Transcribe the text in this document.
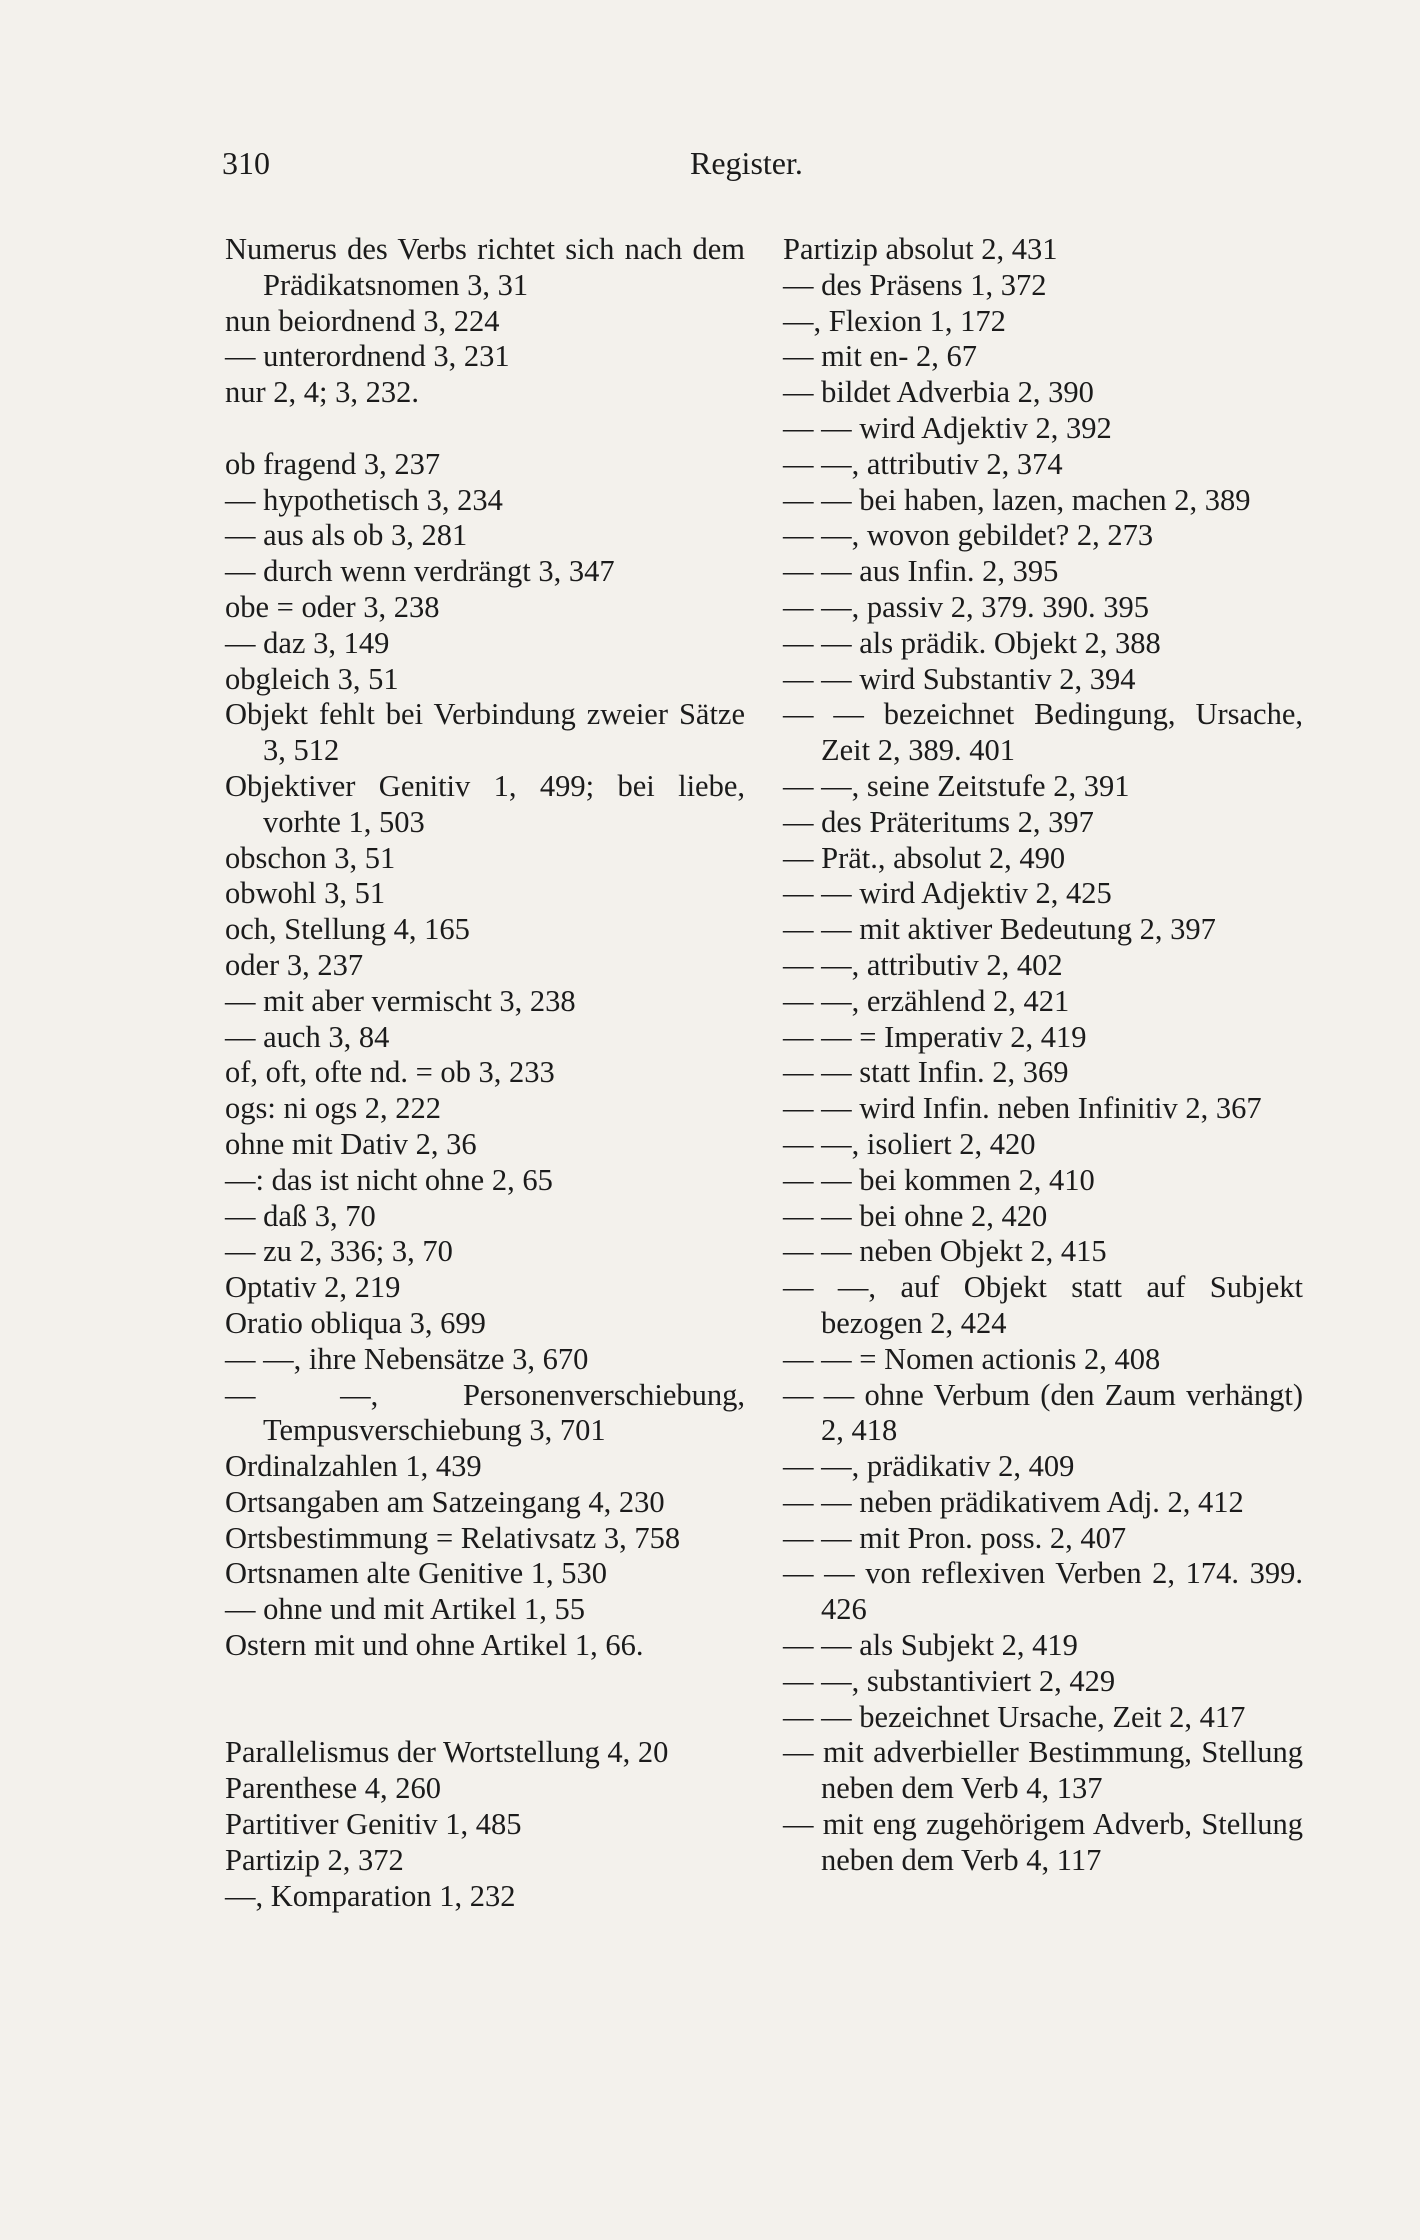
310	Register.
Numerus des Verbs richtet sich nach dem Prädikatsnomen 3, 31
nun beiordnend 3, 224
— unterordnend 3, 231
nur 2, 4; 3, 232.
ob fragend 3, 237
— hypothetisch 3, 234
— aus als ob 3, 281
— durch wenn verdrängt 3, 347
obe = oder 3, 238
— daz 3, 149
obgleich 3, 51
Objekt fehlt bei Verbindung zweier Sätze 3, 512
Objektiver Genitiv 1, 499; bei liebe, vorhte 1, 503
obschon 3, 51
obwohl 3, 51
och, Stellung 4, 165
oder 3, 237
— mit aber vermischt 3, 238
— auch 3, 84
of, oft, ofte nd. = ob 3, 233
ogs: ni ogs 2, 222
ohne mit Dativ 2, 36
—: das ist nicht ohne 2, 65
— daß 3, 70
— zu 2, 336; 3, 70
Optativ 2, 219
Oratio obliqua 3, 699
— —, ihre Nebensätze 3, 670
— —, Personenverschiebung, Tempusverschiebung 3, 701
Ordinalzahlen 1, 439
Ortsangaben am Satzeingang 4, 230
Ortsbestimmung = Relativsatz 3, 758
Ortsnamen alte Genitive 1, 530
— ohne und mit Artikel 1, 55
Ostern mit und ohne Artikel 1, 66.
Parallelismus der Wortstellung 4, 20
Parenthese 4, 260
Partitiver Genitiv 1, 485
Partizip 2, 372
—, Komparation 1, 232
Partizip absolut 2, 431
— des Präsens 1, 372
—, Flexion 1, 172
— mit en- 2, 67
— bildet Adverbia 2, 390
— — wird Adjektiv 2, 392
— —, attributiv 2, 374
— — bei haben, lazen, machen 2, 389
— —, wovon gebildet? 2, 273
— — aus Infin. 2, 395
— —, passiv 2, 379. 390. 395
— — als prädik. Objekt 2, 388
— — wird Substantiv 2, 394
— — bezeichnet Bedingung, Ursache, Zeit 2, 389. 401
— —, seine Zeitstufe 2, 391
— des Präteritums 2, 397
— Prät., absolut 2, 490
— — wird Adjektiv 2, 425
— — mit aktiver Bedeutung 2, 397
— —, attributiv 2, 402
— —, erzählend 2, 421
— — = Imperativ 2, 419
— — statt Infin. 2, 369
— — wird Infin. neben Infinitiv 2, 367
— —, isoliert 2, 420
— — bei kommen 2, 410
— — bei ohne 2, 420
— — neben Objekt 2, 415
— —, auf Objekt statt auf Subjekt bezogen 2, 424
— — = Nomen actionis 2, 408
— — ohne Verbum (den Zaum verhängt) 2, 418
— —, prädikativ 2, 409
— — neben prädikativem Adj. 2, 412
— — mit Pron. poss. 2, 407
— — von reflexiven Verben 2, 174. 399. 426
— — als Subjekt 2, 419
— —, substantiviert 2, 429
— — bezeichnet Ursache, Zeit 2, 417
— mit adverbieller Bestimmung, Stellung neben dem Verb 4, 137
— mit eng zugehörigem Adverb, Stellung neben dem Verb 4, 117
